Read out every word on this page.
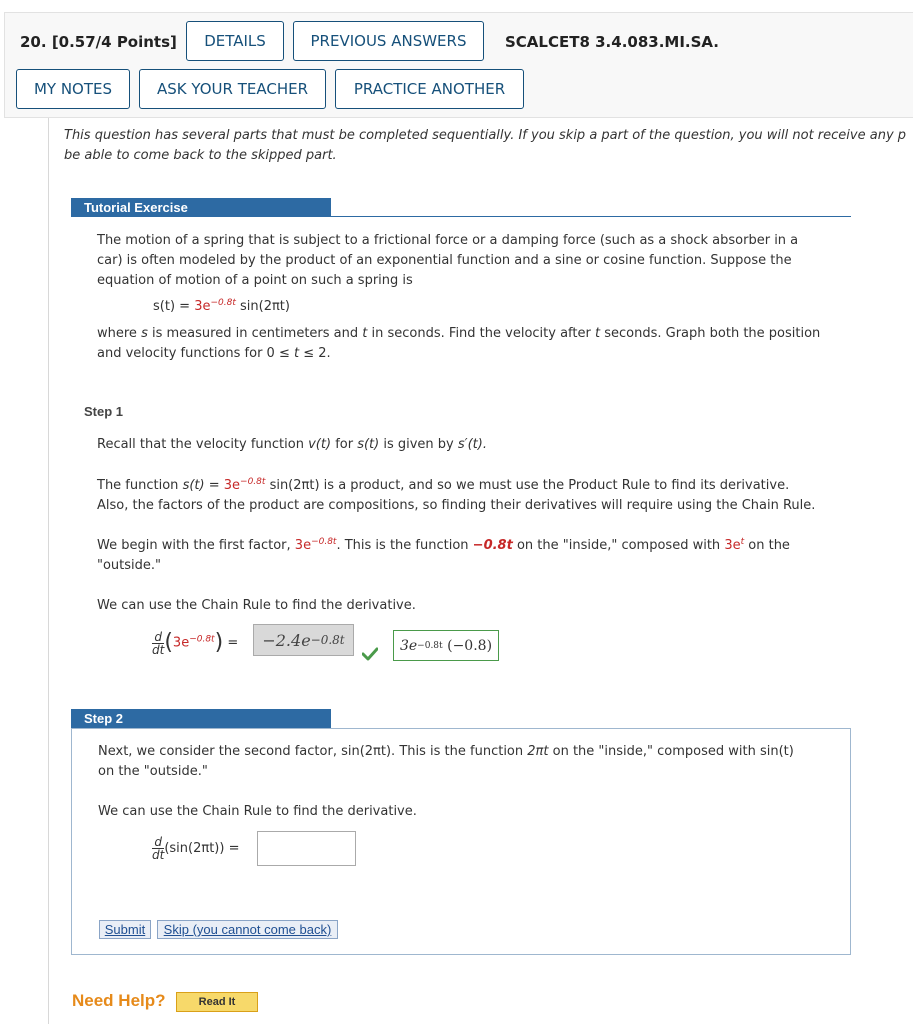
20. [0.57/4 Points]	DETAILS	PREVIOUS ANSWERS	SCALCET8 3.4.083.MI.SA.
MY NOTES	ASK YOUR TEACHER	PRACTICE ANOTHER
This question has several parts that must be completed sequentially. If you skip a part of the question, you will not receive any p
be able to come back to the skipped part.
Tutorial Exercise
The motion of a spring that is subject to a frictional force or a damping force (such as a shock absorber in a
car) is often modeled by the product of an exponential function and a sine or cosine function. Suppose the
equation of motion of a point on such a spring is
$s(t) = 3e^{-0.8t}$ sin(2πt)
where s is measured in centimeters and t in seconds. Find the velocity after t seconds. Graph both the position
and velocity functions for 0 ≤ t ≤ 2.
Step 1
Recall that the velocity function v(t) for s(t) is given by s′(t).
The function $s(t) = 3e^{-0.8t}$ sin(2πt) is a product, and so we must use the Product Rule to find its derivative.
Also, the factors of the product are compositions, so finding their derivatives will require using the Chain Rule.
We begin with the first factor, $3e^{-0.8t}$. This is the function −0.8t on the "inside," composed with $3e^t$ on the
"outside."
We can use the Chain Rule to find the derivative.
$\frac{d}{dt} (3e^{-0.8t}) = -2.4e -0.8t$	3e −0.8t
(−0.8)
Step 2
Next, we consider the second factor, sin(2πt). This is the function 2πt on the "inside," composed with sin(t)
on the "outside."
We can use the Chain Rule to find the derivative.
$\frac{d}{dt} (\sin(2\pi t))$ =
Submit	Skip (you cannot come back)
Need Help?	Read It
